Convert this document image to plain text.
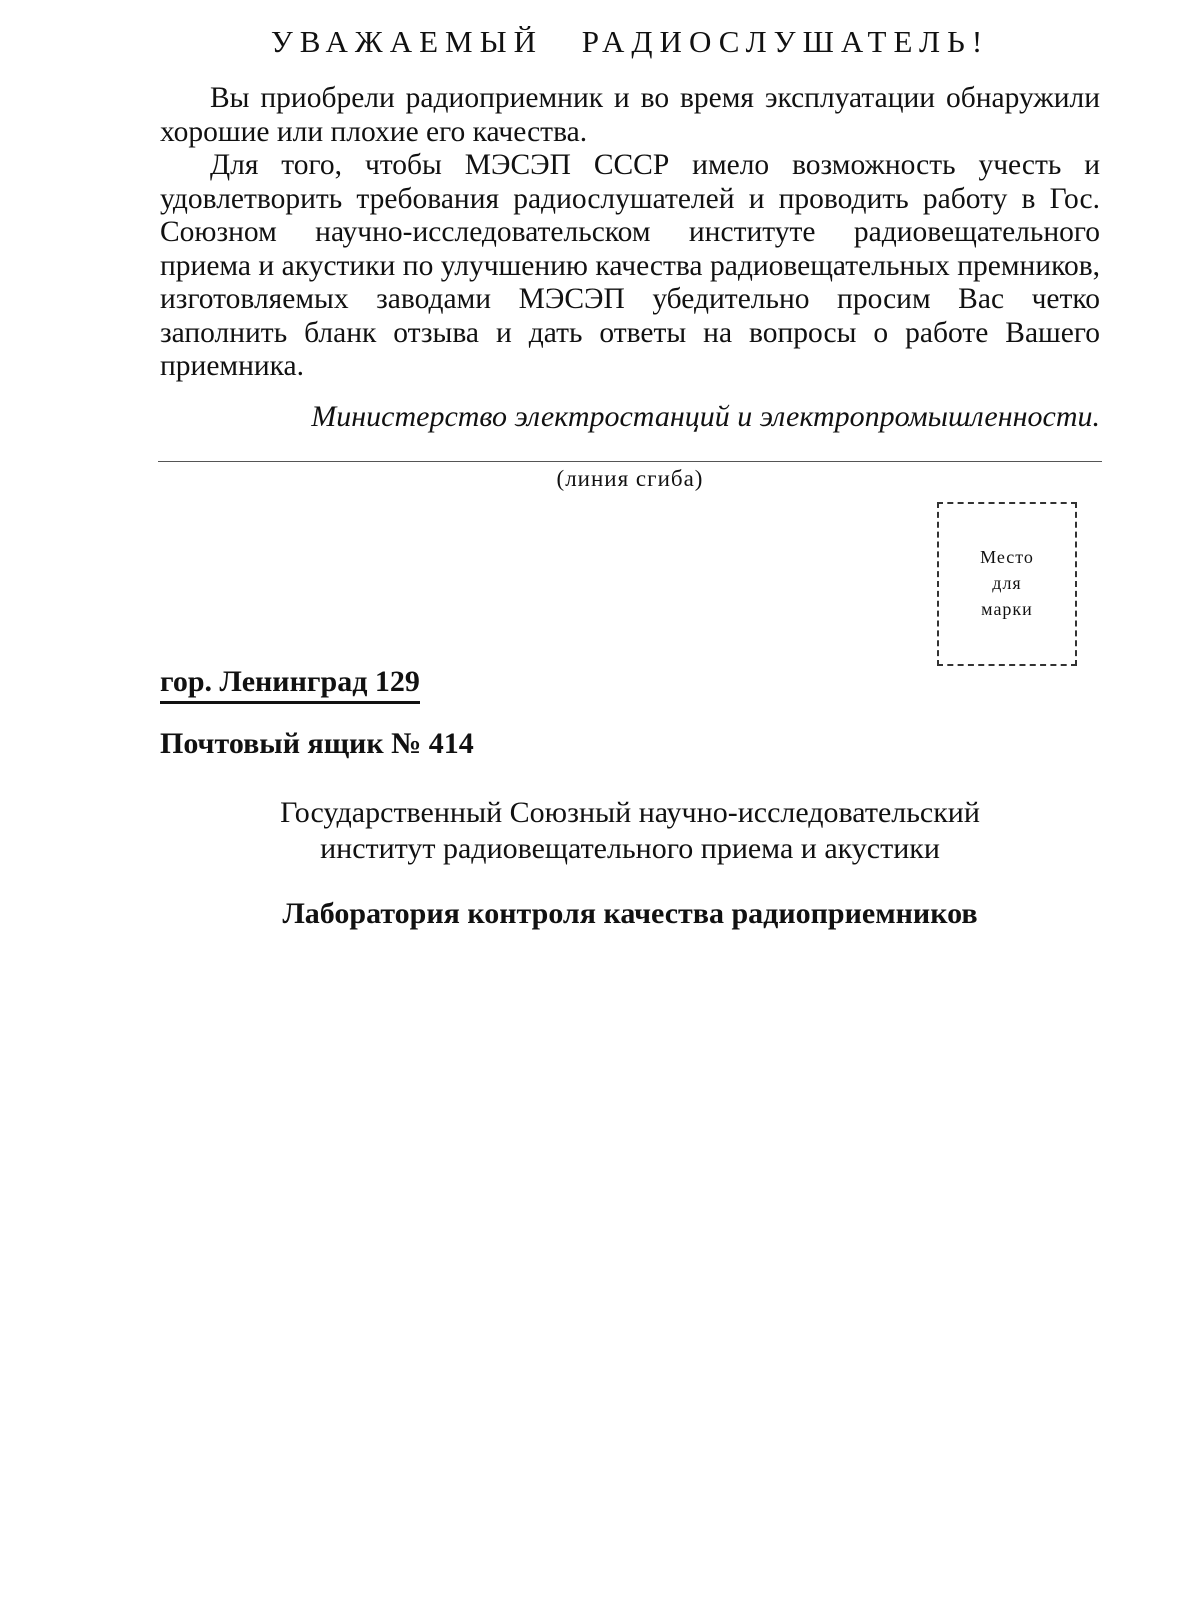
УВАЖАЕМЫЙ РАДИОСЛУШАТЕЛЬ!

Вы приобрели радиоприемник и во время эксплуатации обнаружили хорошие или плохие его качества.

Для того, чтобы МЭСЭП СССР имело возможность учесть и удовлетворить требования радиослушателей и проводить работу в Гос. Союзном научно-исследовательском институте радиовещательного приема и акустики по улучшению качества радиовещательных премников, изготовляемых заводами МЭСЭП убедительно просим Вас четко заполнить бланк отзыва и дать ответы на вопросы о работе Вашего приемника.

Министерство электростанций и электропромышленности.
(линия сгиба)
Место
для
марки
гор. Ленинград 129
Почтовый ящик № 414
Государственный Союзный научно-исследовательский
институт радиовещательного приема и акустики
Лаборатория контроля качества радиоприемников
